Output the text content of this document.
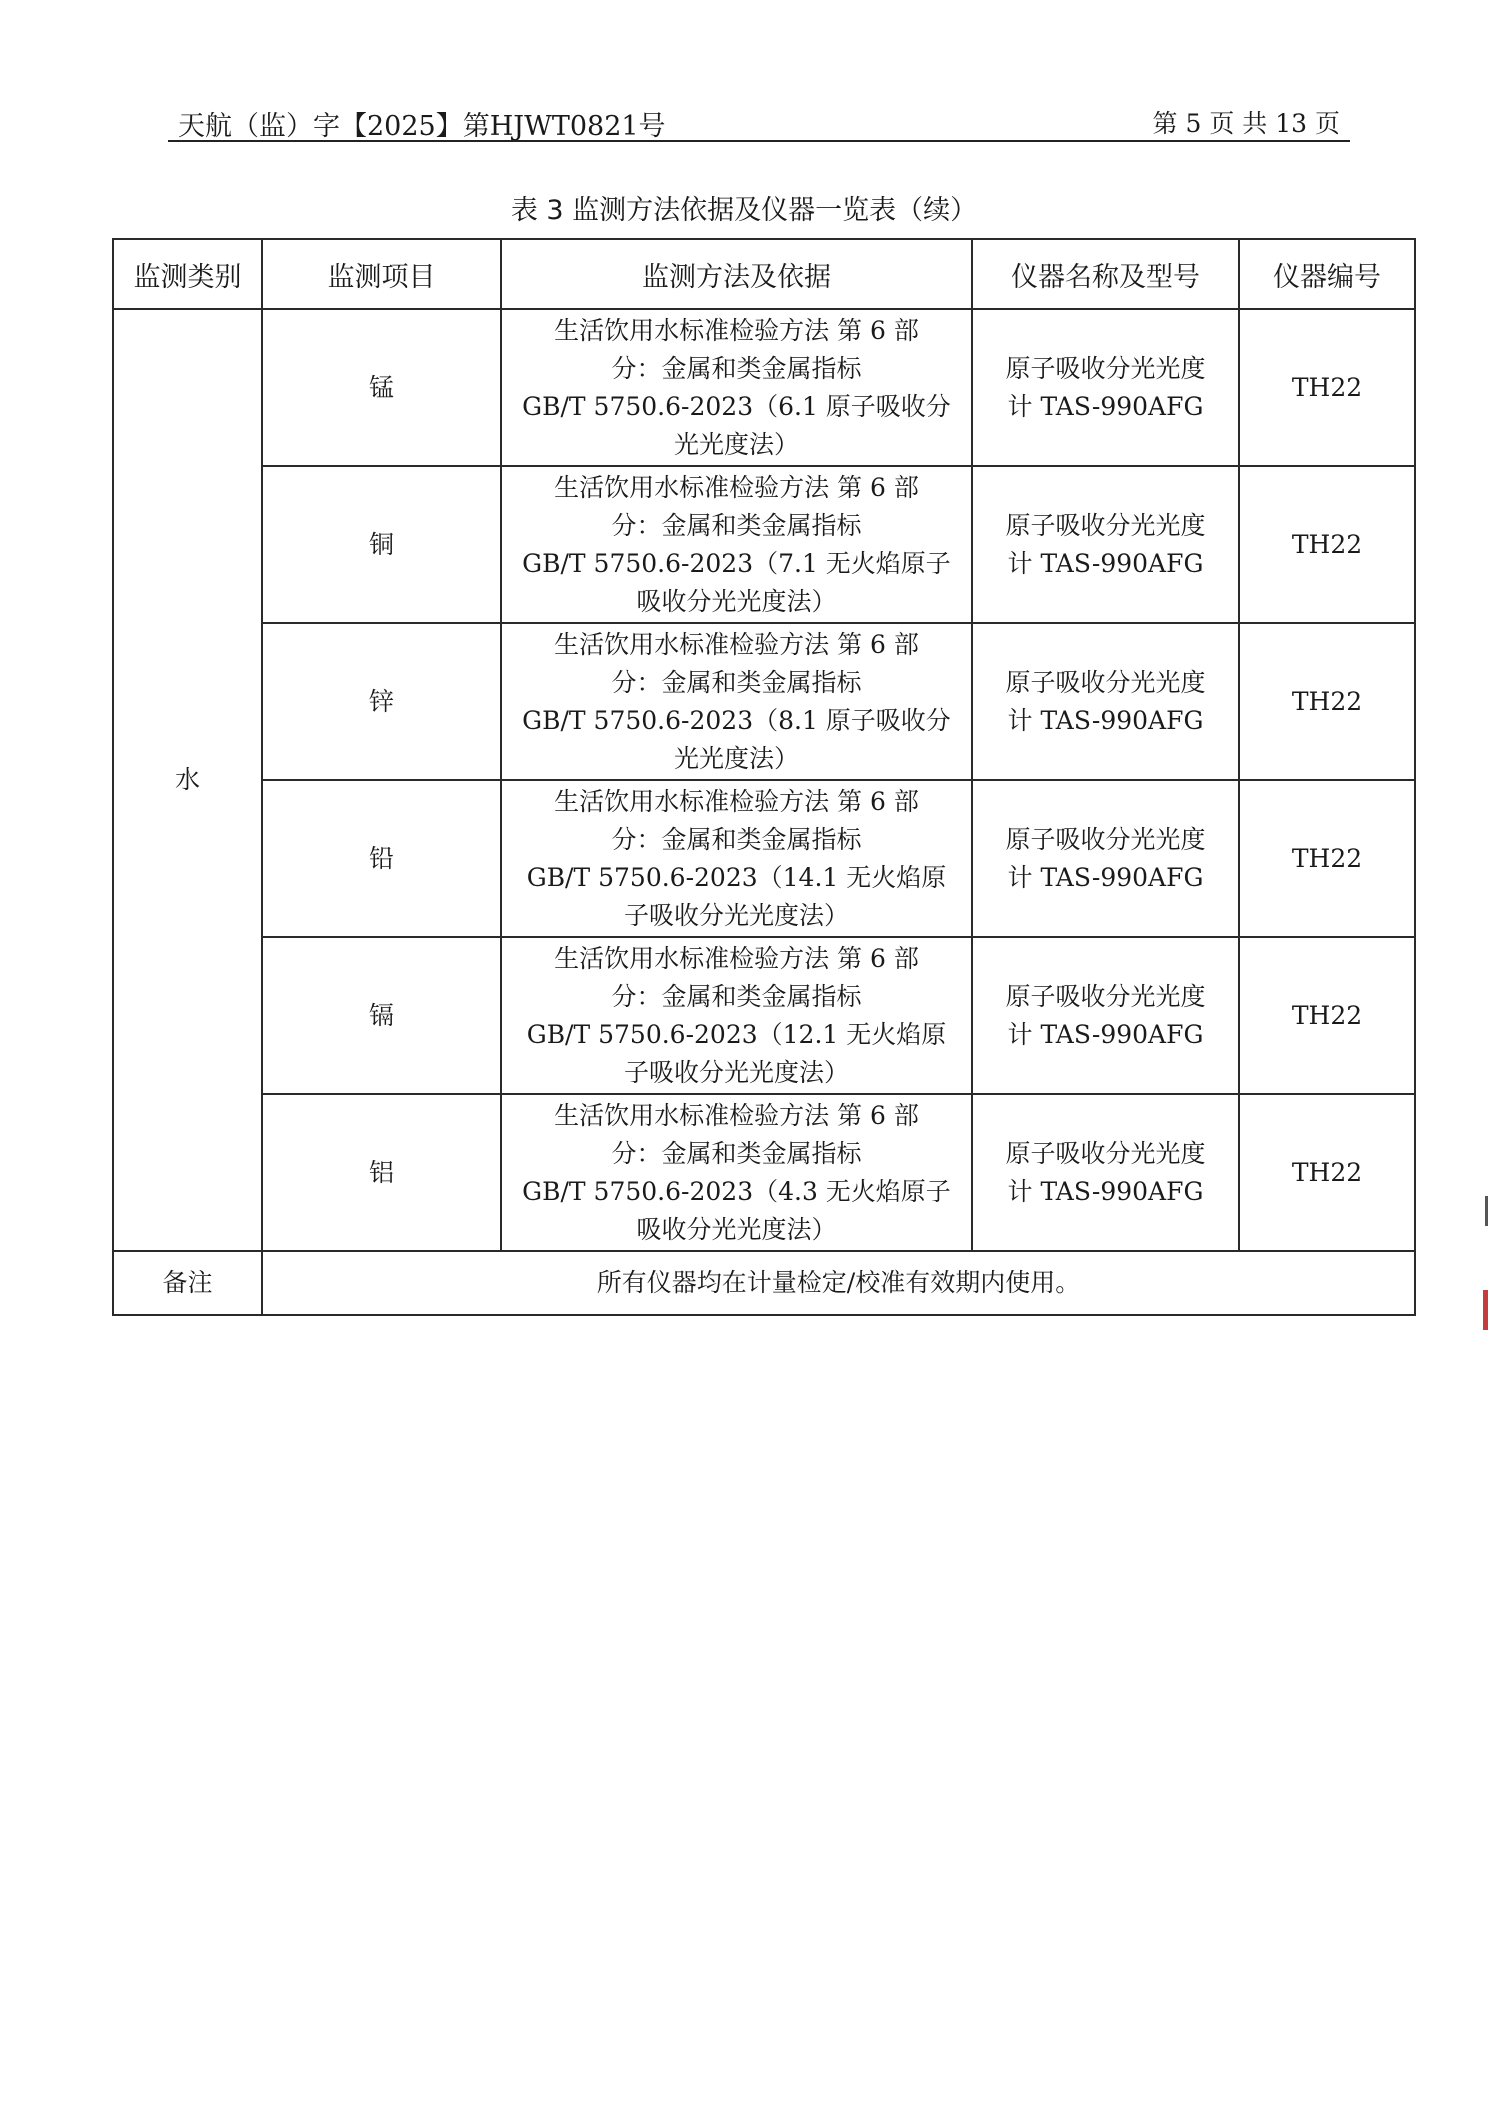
天航（监）字【2025】第HJWT0821号	第 5 页 共 13 页
表 3 监测方法依据及仪器一览表（续）
监测类别	监测项目	监测方法及依据	仪器名称及型号	仪器编号
水	锰	生活饮用水标准检验方法 第 6 部
分：金属和类金属指标
GB/T 5750.6-2023（6.1 原子吸收分
光光度法）	原子吸收分光光度
计 TAS-990AFG	TH22
	铜	生活饮用水标准检验方法 第 6 部
分：金属和类金属指标
GB/T 5750.6-2023（7.1 无火焰原子
吸收分光光度法）	原子吸收分光光度
计 TAS-990AFG	TH22
	锌	生活饮用水标准检验方法 第 6 部
分：金属和类金属指标
GB/T 5750.6-2023（8.1 原子吸收分
光光度法）	原子吸收分光光度
计 TAS-990AFG	TH22
	铅	生活饮用水标准检验方法 第 6 部
分：金属和类金属指标
GB/T 5750.6-2023（14.1 无火焰原
子吸收分光光度法）	原子吸收分光光度
计 TAS-990AFG	TH22
	镉	生活饮用水标准检验方法 第 6 部
分：金属和类金属指标
GB/T 5750.6-2023（12.1 无火焰原
子吸收分光光度法）	原子吸收分光光度
计 TAS-990AFG	TH22
	铝	生活饮用水标准检验方法 第 6 部
分：金属和类金属指标
GB/T 5750.6-2023（4.3 无火焰原子
吸收分光光度法）	原子吸收分光光度
计 TAS-990AFG	TH22
备注	所有仪器均在计量检定/校准有效期内使用。			
